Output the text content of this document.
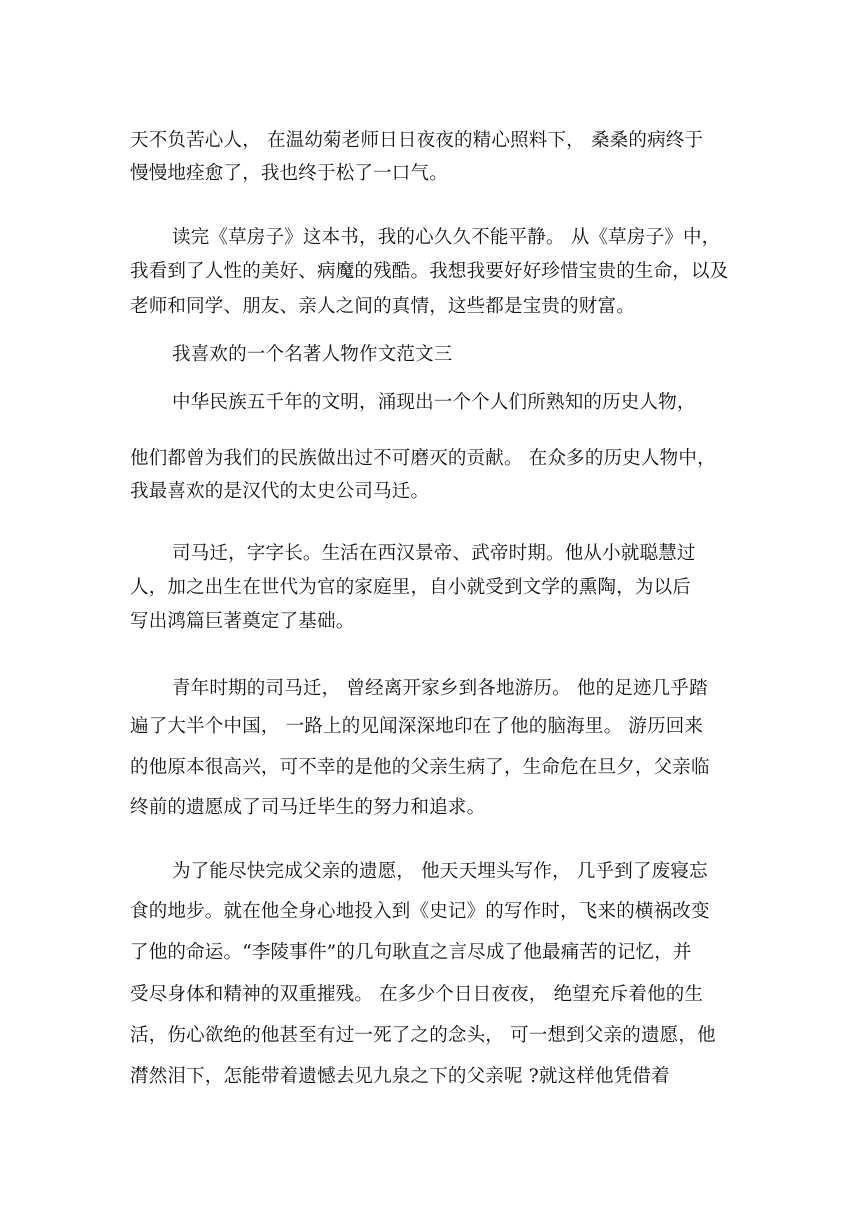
天不负苦心人， 在温幼菊老师日日夜夜的精心照料下， 桑桑的病终于
慢慢地痊愈了，我也终于松了一口气。
读完《草房子》这本书，我的心久久不能平静。 从《草房子》中，
我看到了人性的美好、病魔的残酷。我想我要好好珍惜宝贵的生命，以及
老师和同学、朋友、亲人之间的真情，这些都是宝贵的财富。
我喜欢的一个名著人物作文范文三
中华民族五千年的文明，涌现出一个个人们所熟知的历史人物，
他们都曾为我们的民族做出过不可磨灭的贡献。 在众多的历史人物中，
我最喜欢的是汉代的太史公司马迁。
司马迁，字字长。生活在西汉景帝、武帝时期。他从小就聪慧过
人，加之出生在世代为官的家庭里，自小就受到文学的熏陶，为以后
写出鸿篇巨著奠定了基础。
青年时期的司马迁， 曾经离开家乡到各地游历。 他的足迹几乎踏
遍了大半个中国， 一路上的见闻深深地印在了他的脑海里。 游历回来
的他原本很高兴，可不幸的是他的父亲生病了，生命危在旦夕，父亲临
终前的遗愿成了司马迁毕生的努力和追求。
为了能尽快完成父亲的遗愿， 他天天埋头写作， 几乎到了废寝忘
食的地步。就在他全身心地投入到《史记》的写作时，飞来的横祸改变
了他的命运。“李陵事件”的几句耿直之言尽成了他最痛苦的记忆，并
受尽身体和精神的双重摧残。 在多少个日日夜夜， 绝望充斥着他的生
活，伤心欲绝的他甚至有过一死了之的念头， 可一想到父亲的遗愿，他
潸然泪下，怎能带着遗憾去见九泉之下的父亲呢 ?就这样他凭借着
